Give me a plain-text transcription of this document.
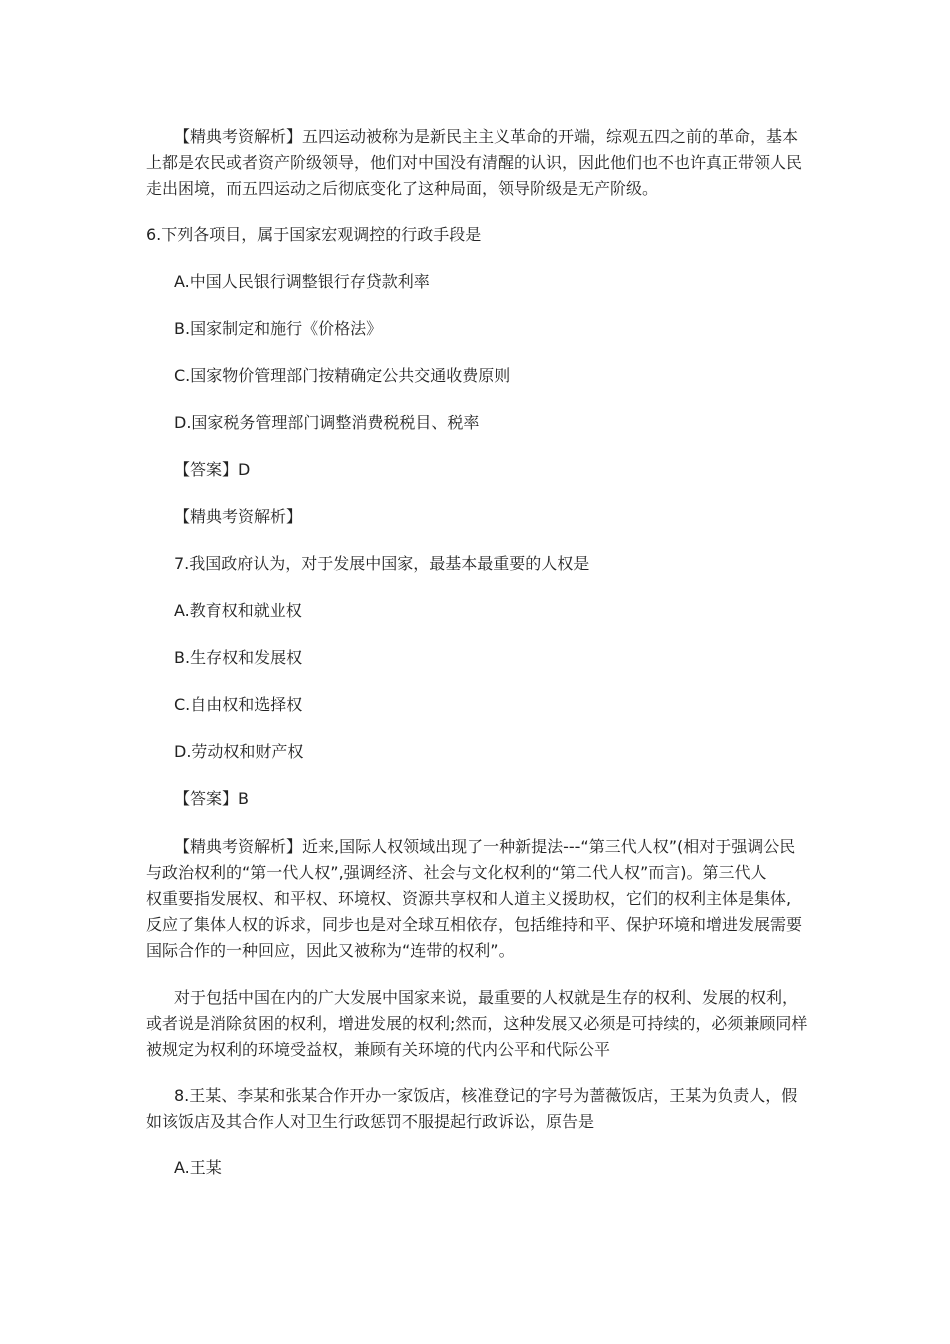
【精典考资解析】五四运动被称为是新民主主义革命的开端，综观五四之前的革命，基本
上都是农民或者资产阶级领导，他们对中国没有清醒的认识，因此他们也不也许真正带领人民
走出困境，而五四运动之后彻底变化了这种局面，领导阶级是无产阶级。
6.下列各项目，属于国家宏观调控的行政手段是
A.中国人民银行调整银行存贷款利率
B.国家制定和施行《价格法》
C.国家物价管理部门按精确定公共交通收费原则
D.国家税务管理部门调整消费税税目、税率
【答案】D
【精典考资解析】
7.我国政府认为，对于发展中国家，最基本最重要的人权是
A.教育权和就业权
B.生存权和发展权
C.自由权和选择权
D.劳动权和财产权
【答案】B
【精典考资解析】近来,国际人权领域出现了一种新提法---“第三代人权”(相对于强调公民
与政治权利的“第一代人权”,强调经济、社会与文化权利的“第二代人权”而言)。第三代人
权重要指发展权、和平权、环境权、资源共享权和人道主义援助权，它们的权利主体是集体,
反应了集体人权的诉求，同步也是对全球互相依存，包括维持和平、保护环境和增进发展需要
国际合作的一种回应，因此又被称为“连带的权利”。
对于包括中国在内的广大发展中国家来说，最重要的人权就是生存的权利、发展的权利，
或者说是消除贫困的权利，增进发展的权利;然而，这种发展又必须是可持续的，必须兼顾同样
被规定为权利的环境受益权，兼顾有关环境的代内公平和代际公平
8.王某、李某和张某合作开办一家饭店，核准登记的字号为蔷薇饭店，王某为负责人，假
如该饭店及其合作人对卫生行政惩罚不服提起行政诉讼，原告是
A.王某
